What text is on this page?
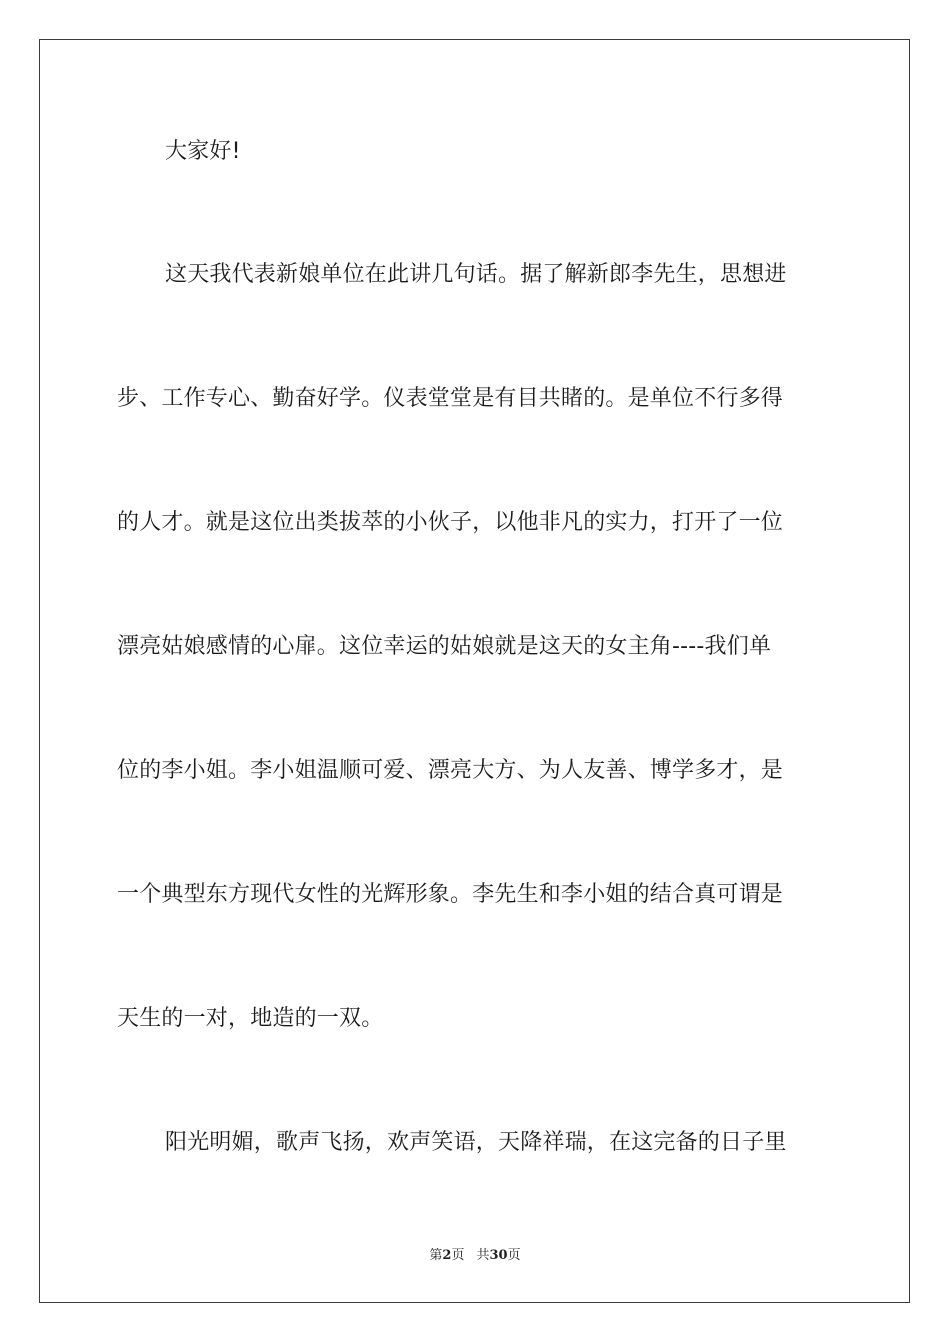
大家好!
这天我代表新娘单位在此讲几句话。据了解新郎李先生，思想进
步、工作专心、勤奋好学。仪表堂堂是有目共睹的。是单位不行多得
的人才。就是这位出类拔萃的小伙子，以他非凡的实力，打开了一位
漂亮姑娘感情的心扉。这位幸运的姑娘就是这天的女主角----我们单
位的李小姐。李小姐温顺可爱、漂亮大方、为人友善、博学多才，是
一个典型东方现代女性的光辉形象。李先生和李小姐的结合真可谓是
天生的一对，地造的一双。
阳光明媚，歌声飞扬，欢声笑语，天降祥瑞，在这完备的日子里
第2页 共30页
